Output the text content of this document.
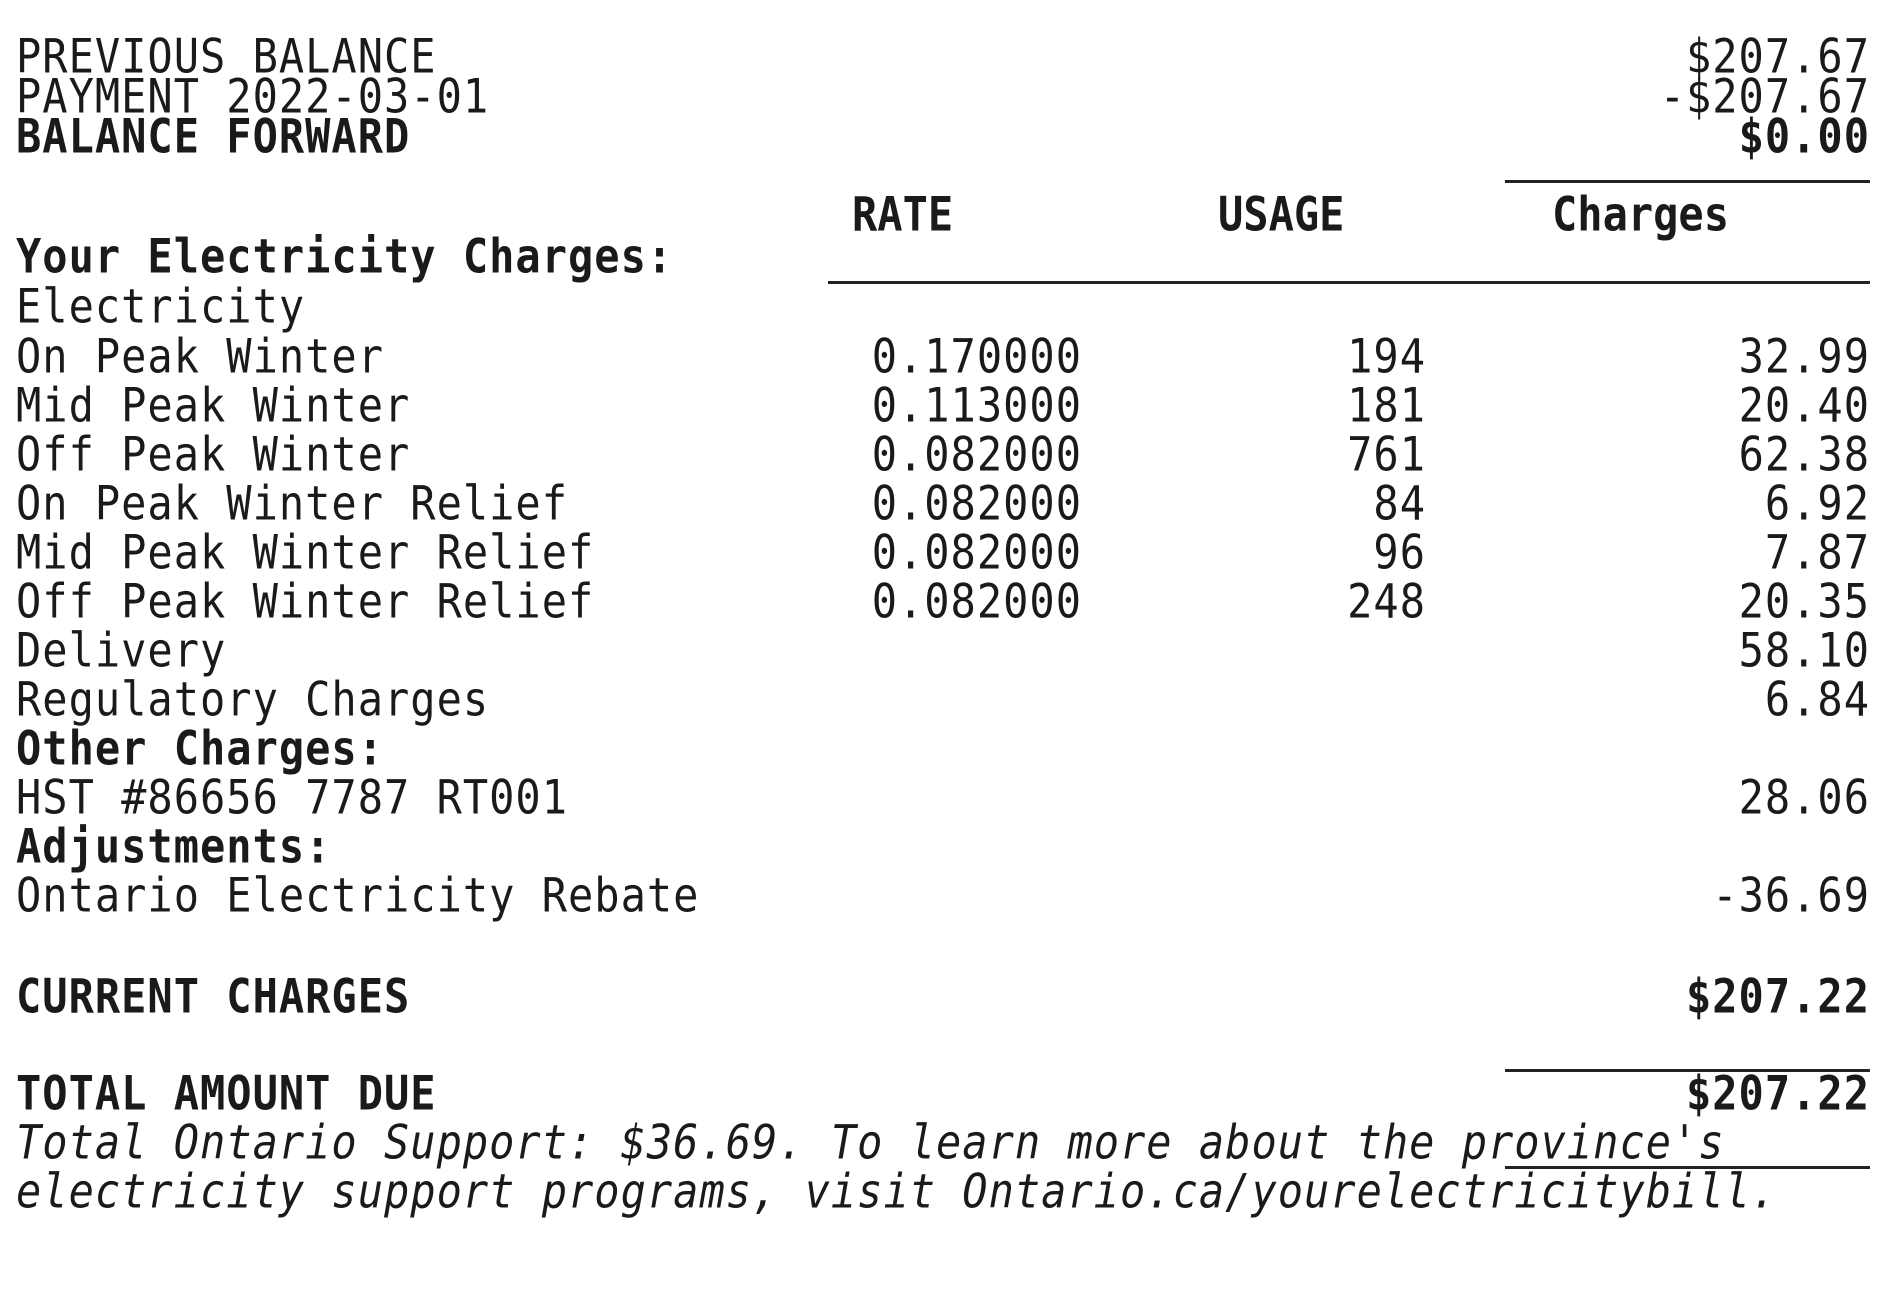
PREVIOUS BALANCE	$207.67
PAYMENT 2022-03-01	-$207.67
BALANCE FORWARD	$0.00
RATE	USAGE	Charges
Your Electricity Charges:
Electricity
On Peak Winter	0.170000	194	32.99
Mid Peak Winter	0.113000	181	20.40
Off Peak Winter	0.082000	761	62.38
On Peak Winter Relief	0.082000	84	6.92
Mid Peak Winter Relief	0.082000	96	7.87
Off Peak Winter Relief	0.082000	248	20.35
Delivery	58.10
Regulatory Charges	6.84
Other Charges:
HST #86656 7787 RT001	28.06
Adjustments:
Ontario Electricity Rebate	-36.69
CURRENT CHARGES	$207.22
TOTAL AMOUNT DUE	$207.22
Total Ontario Support: $36.69. To learn more about the province's
electricity support programs, visit Ontario.ca/yourelectricitybill.
